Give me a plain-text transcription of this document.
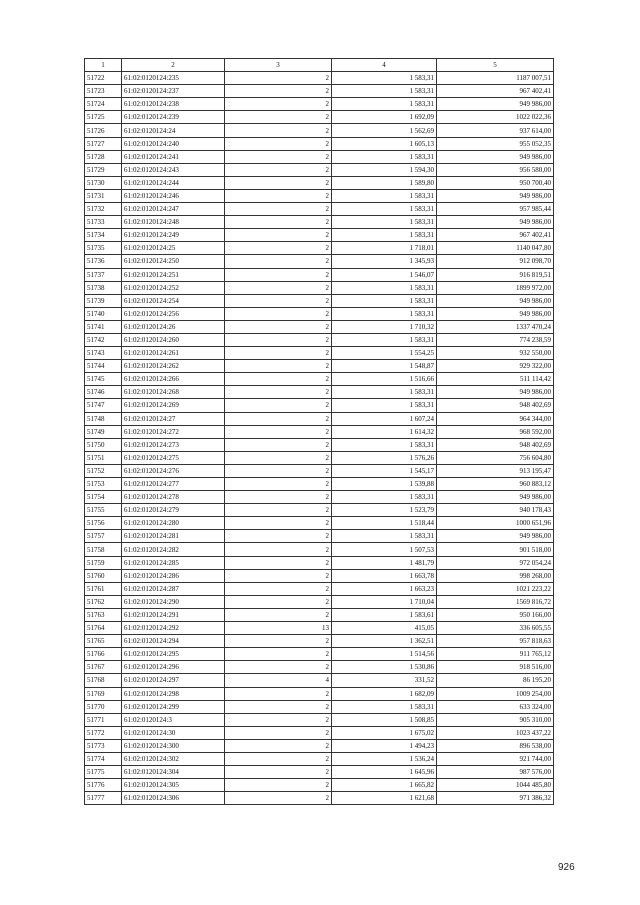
1	2	3	4	5
51722	61:02:0120124:235	2	1 583,31	1187 007,51
51723	61:02:0120124:237	2	1 583,31	967 402,41
51724	61:02:0120124:238	2	1 583,31	949 986,00
51725	61:02:0120124:239	2	1 692,09	1022 022,36
51726	61:02:0120124:24	2	1 562,69	937 614,00
51727	61:02:0120124:240	2	1 605,13	955 052,35
51728	61:02:0120124:241	2	1 583,31	949 986,00
51729	61:02:0120124:243	2	1 594,30	956 580,00
51730	61:02:0120124:244	2	1 589,80	950 700,40
51731	61:02:0120124:246	2	1 583,31	949 986,00
51732	61:02:0120124:247	2	1 583,31	957 985,44
51733	61:02:0120124:248	2	1 583,31	949 986,00
51734	61:02:0120124:249	2	1 583,31	967 402,41
51735	61:02:0120124:25	2	1 718,01	1140 047,80
51736	61:02:0120124:250	2	1 345,93	912 098,70
51737	61:02:0120124:251	2	1 546,07	916 819,51
51738	61:02:0120124:252	2	1 583,31	1899 972,00
51739	61:02:0120124:254	2	1 583,31	949 986,00
51740	61:02:0120124:256	2	1 583,31	949 986,00
51741	61:02:0120124:26	2	1 710,32	1337 470,24
51742	61:02:0120124:260	2	1 583,31	774 238,59
51743	61:02:0120124:261	2	1 554,25	932 550,00
51744	61:02:0120124:262	2	1 548,87	929 322,00
51745	61:02:0120124:266	2	1 516,66	511 114,42
51746	61:02:0120124:268	2	1 583,31	949 986,00
51747	61:02:0120124:269	2	1 583,31	948 402,69
51748	61:02:0120124:27	2	1 607,24	964 344,00
51749	61:02:0120124:272	2	1 614,32	968 592,00
51750	61:02:0120124:273	2	1 583,31	948 402,69
51751	61:02:0120124:275	2	1 576,26	756 604,80
51752	61:02:0120124:276	2	1 545,17	913 195,47
51753	61:02:0120124:277	2	1 539,88	960 883,12
51754	61:02:0120124:278	2	1 583,31	949 986,00
51755	61:02:0120124:279	2	1 523,79	940 178,43
51756	61:02:0120124:280	2	1 518,44	1000 651,96
51757	61:02:0120124:281	2	1 583,31	949 986,00
51758	61:02:0120124:282	2	1 507,53	901 518,00
51759	61:02:0120124:285	2	1 481,79	972 054,24
51760	61:02:0120124:286	2	1 663,78	998 268,00
51761	61:02:0120124:287	2	1 663,23	1021 223,22
51762	61:02:0120124:290	2	1 710,04	1569 816,72
51763	61:02:0120124:291	2	1 583,61	950 166,00
51764	61:02:0120124:292	13	415,05	336 605,55
51765	61:02:0120124:294	2	1 362,51	957 818,63
51766	61:02:0120124:295	2	1 514,56	911 765,12
51767	61:02:0120124:296	2	1 530,86	918 516,00
51768	61:02:0120124:297	4	331,52	86 195,20
51769	61:02:0120124:298	2	1 682,09	1009 254,00
51770	61:02:0120124:299	2	1 583,31	633 324,00
51771	61:02:0120124:3	2	1 508,85	905 310,00
51772	61:02:0120124:30	2	1 675,02	1023 437,22
51773	61:02:0120124:300	2	1 494,23	896 538,00
51774	61:02:0120124:302	2	1 536,24	921 744,00
51775	61:02:0120124:304	2	1 645,96	987 576,00
51776	61:02:0120124:305	2	1 665,82	1044 485,80
51777	61:02:0120124:306	2	1 621,68	971 386,32
926
